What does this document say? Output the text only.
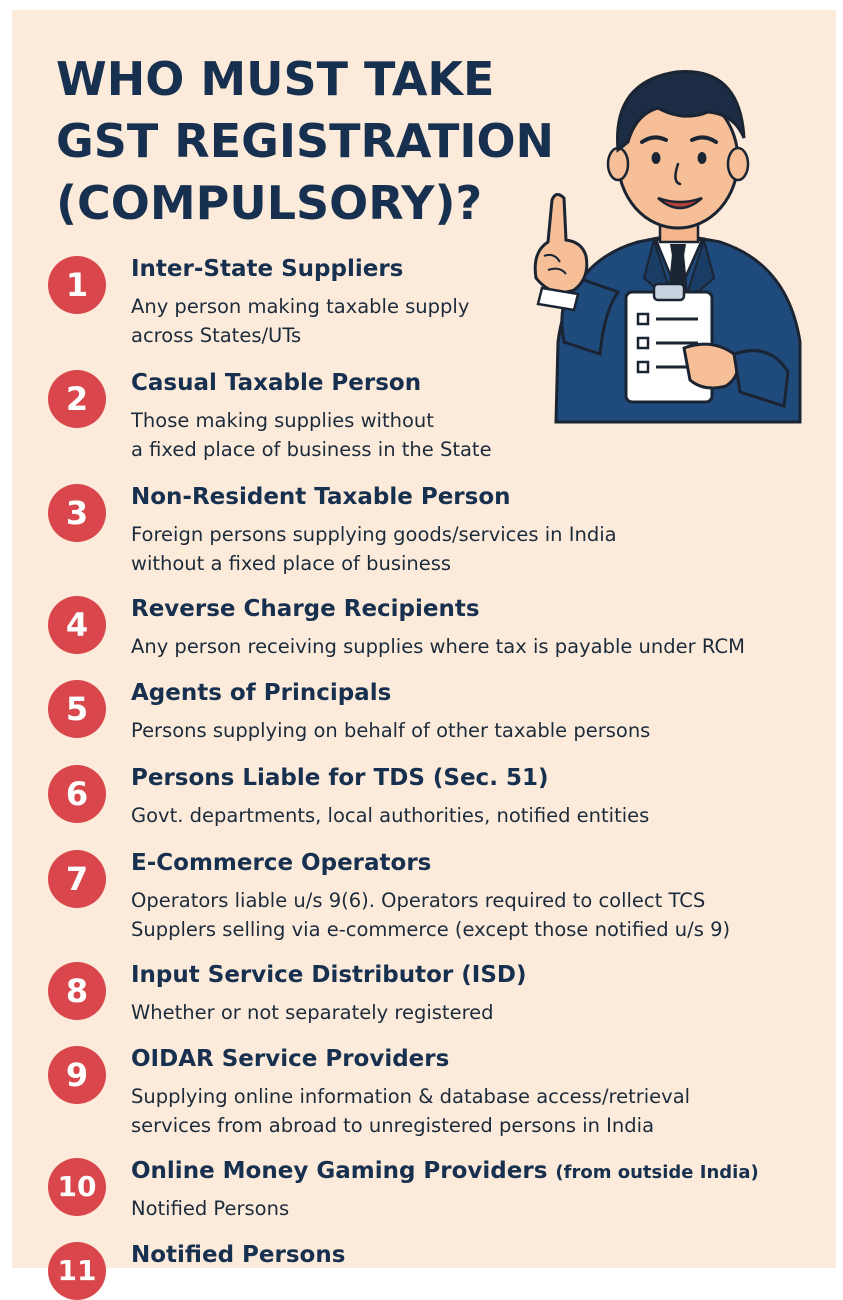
WHO MUST TAKE
GST REGISTRATION
(COMPULSORY)?
1	Inter-State Suppliers
Any person making taxable supply
across States/UTs
2	Casual Taxable Person
Those making supplies without
a fixed place of business in the State
3	Non-Resident Taxable Person
Foreign persons supplying goods/services in India
without a fixed place of business
4	Reverse Charge Recipients
Any person receiving supplies where tax is payable under RCM
5	Agents of Principals
Persons supplying on behalf of other taxable persons
6	Persons Liable for TDS (Sec. 51)
Govt. departments, local authorities, notified entities
7	E-Commerce Operators
Operators liable u/s 9(6). Operators required to collect TCS
Supplers selling via e-commerce (except those notified u/s 9)
8	Input Service Distributor (ISD)
Whether or not separately registered
9	OIDAR Service Providers
Supplying online information & database access/retrieval
services from abroad to unregistered persons in India
10	Online Money Gaming Providers (from outside India)
Notified Persons
11	Notified Persons
